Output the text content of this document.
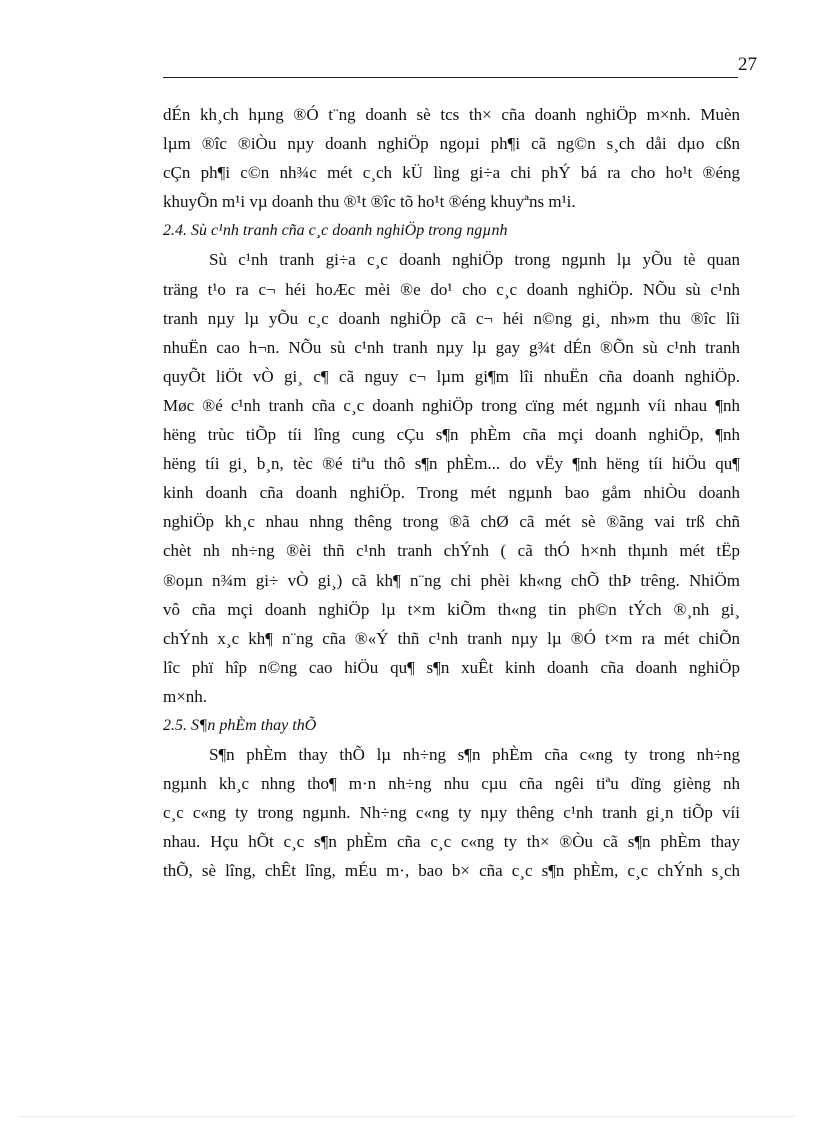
27
dÉn kh¸ch hµng ®Ó t¨ng doanh sè tcs th× cña doanh nghiÖp m×nh. Muèn
lµm ®îc ®iÒu nµy doanh nghiÖp ngoµi ph¶i cã ng©n s¸ch dåi dµo cßn
cÇn ph¶i c©n nh¾c mét c¸ch kÜ lìng gi÷a chi phÝ bá ra cho ho¹t ®éng
khuyÕn m¹i vµ doanh thu ®¹t ®îc tõ ho¹t ®éng khuyªns m¹i.
2.4. Sù c¹nh tranh cña c¸c doanh nghiÖp trong ngµnh
Sù c¹nh tranh gi÷a c¸c doanh nghiÖp trong ngµnh lµ yÕu tè quan
träng t¹o ra c¬ héi hoÆc mèi ®e do¹ cho c¸c doanh nghiÖp. NÕu sù c¹nh
tranh nµy lµ yÕu c¸c doanh nghiÖp cã c¬ héi n©ng gi¸ nh»m thu ®îc lîi
nhuËn cao h¬n. NÕu sù c¹nh tranh nµy lµ gay g¾t dÉn ®Õn sù c¹nh tranh
quyÕt liÖt vÒ gi¸ c¶ cã nguy c¬ lµm gi¶m lîi nhuËn cña doanh nghiÖp.
Møc ®é c¹nh tranh cña c¸c doanh nghiÖp trong cïng mét ngµnh víi nhau ¶nh
hëng trùc tiÕp tíi lîng cung cÇu s¶n phÈm cña mçi doanh nghiÖp, ¶nh
hëng tíi gi¸ b¸n, tèc ®é tiªu thô s¶n phÈm... do vËy ¶nh hëng tíi hiÖu qu¶
kinh doanh cña doanh nghiÖp. Trong mét ngµnh bao gåm nhiÒu doanh
nghiÖp kh¸c nhau nhng thêng trong ®ã chØ cã mét sè ®ãng vai trß chñ
chèt nh nh÷ng ®èi thñ c¹nh tranh chÝnh ( cã thÓ h×nh thµnh mét tËp
®oµn n¾m gi÷ vÒ gi¸) cã kh¶ n¨ng chi phèi kh«ng chÕ thÞ trêng. NhiÖm
vô cña mçi doanh nghiÖp lµ t×m kiÕm th«ng tin ph©n tÝch ®¸nh gi¸
chÝnh x¸c kh¶ n¨ng cña ®«Ý thñ c¹nh tranh nµy lµ ®Ó t×m ra mét chiÕn
lîc phï hîp n©ng cao hiÖu qu¶ s¶n xuÊt kinh doanh cña doanh nghiÖp
m×nh.
2.5. S¶n phÈm thay thÕ
S¶n phÈm thay thÕ lµ nh÷ng s¶n phÈm cña c«ng ty trong nh÷ng
ngµnh kh¸c nhng tho¶ m·n nh÷ng nhu cµu cña ngêi tiªu dïng gièng nh
c¸c c«ng ty trong ngµnh. Nh÷ng c«ng ty nµy thêng c¹nh tranh gi¸n tiÕp víi
nhau. Hçu hÕt c¸c s¶n phÈm cña c¸c c«ng ty th× ®Òu cã s¶n phÈm thay
thÕ, sè lîng, chÊt lîng, mÉu m·, bao b× cña c¸c s¶n phÈm, c¸c chÝnh s¸ch
